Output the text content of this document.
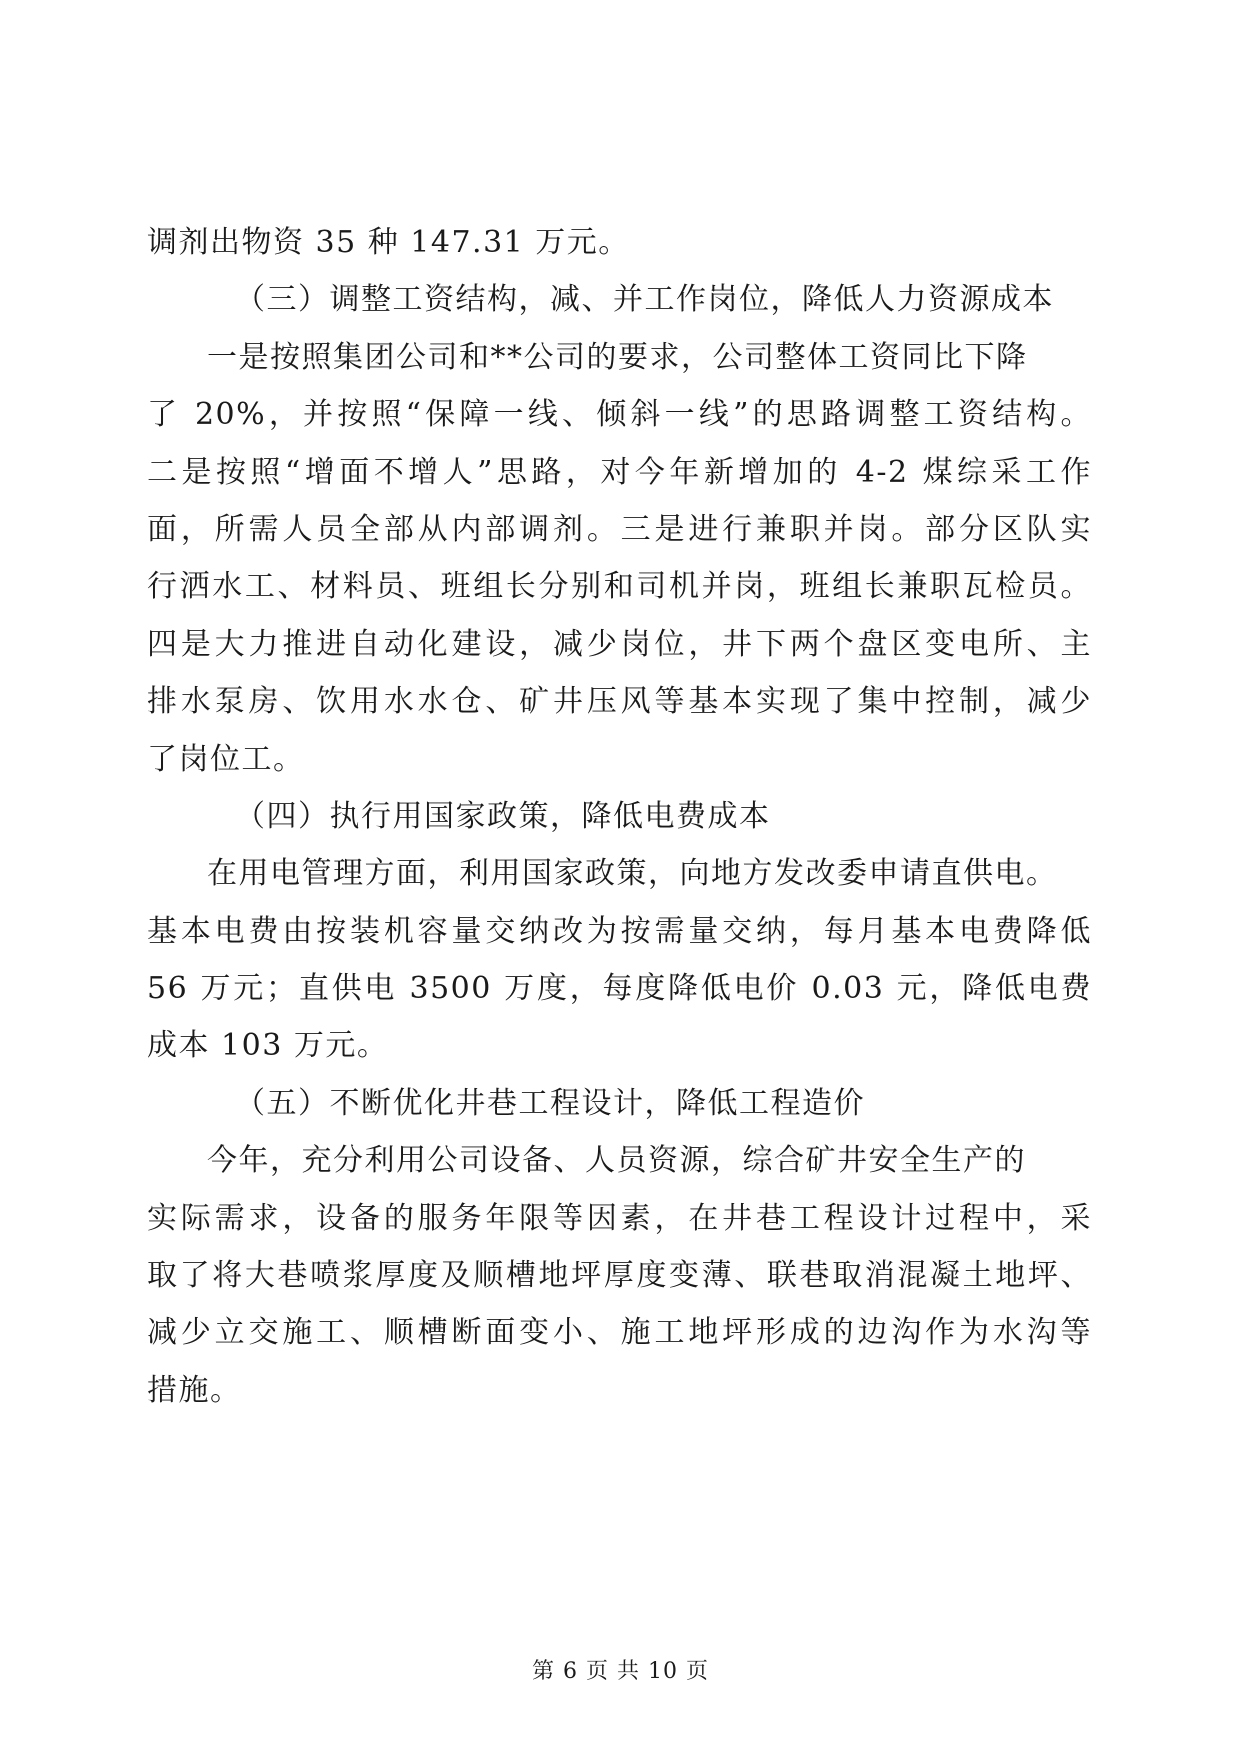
调剂出物资 35 种 147.31 万元。
（三）调整工资结构，减、并工作岗位，降低人力资源成本
一是按照集团公司和**公司的要求，公司整体工资同比下降
了 20%，并按照“保障一线、倾斜一线”的思路调整工资结构。
二是按照“增面不增人”思路，对今年新增加的 4-2 煤综采工作
面，所需人员全部从内部调剂。三是进行兼职并岗。部分区队实
行洒水工、材料员、班组长分别和司机并岗，班组长兼职瓦检员。
四是大力推进自动化建设，减少岗位，井下两个盘区变电所、主
排水泵房、饮用水水仓、矿井压风等基本实现了集中控制，减少
了岗位工。
（四）执行用国家政策，降低电费成本
在用电管理方面，利用国家政策，向地方发改委申请直供电。
基本电费由按装机容量交纳改为按需量交纳，每月基本电费降低
56 万元；直供电 3500 万度，每度降低电价 0.03 元，降低电费
成本 103 万元。
（五）不断优化井巷工程设计，降低工程造价
今年，充分利用公司设备、人员资源，综合矿井安全生产的
实际需求，设备的服务年限等因素，在井巷工程设计过程中，采
取了将大巷喷浆厚度及顺槽地坪厚度变薄、联巷取消混凝土地坪、
减少立交施工、顺槽断面变小、施工地坪形成的边沟作为水沟等
措施。
第 6 页 共 10 页
